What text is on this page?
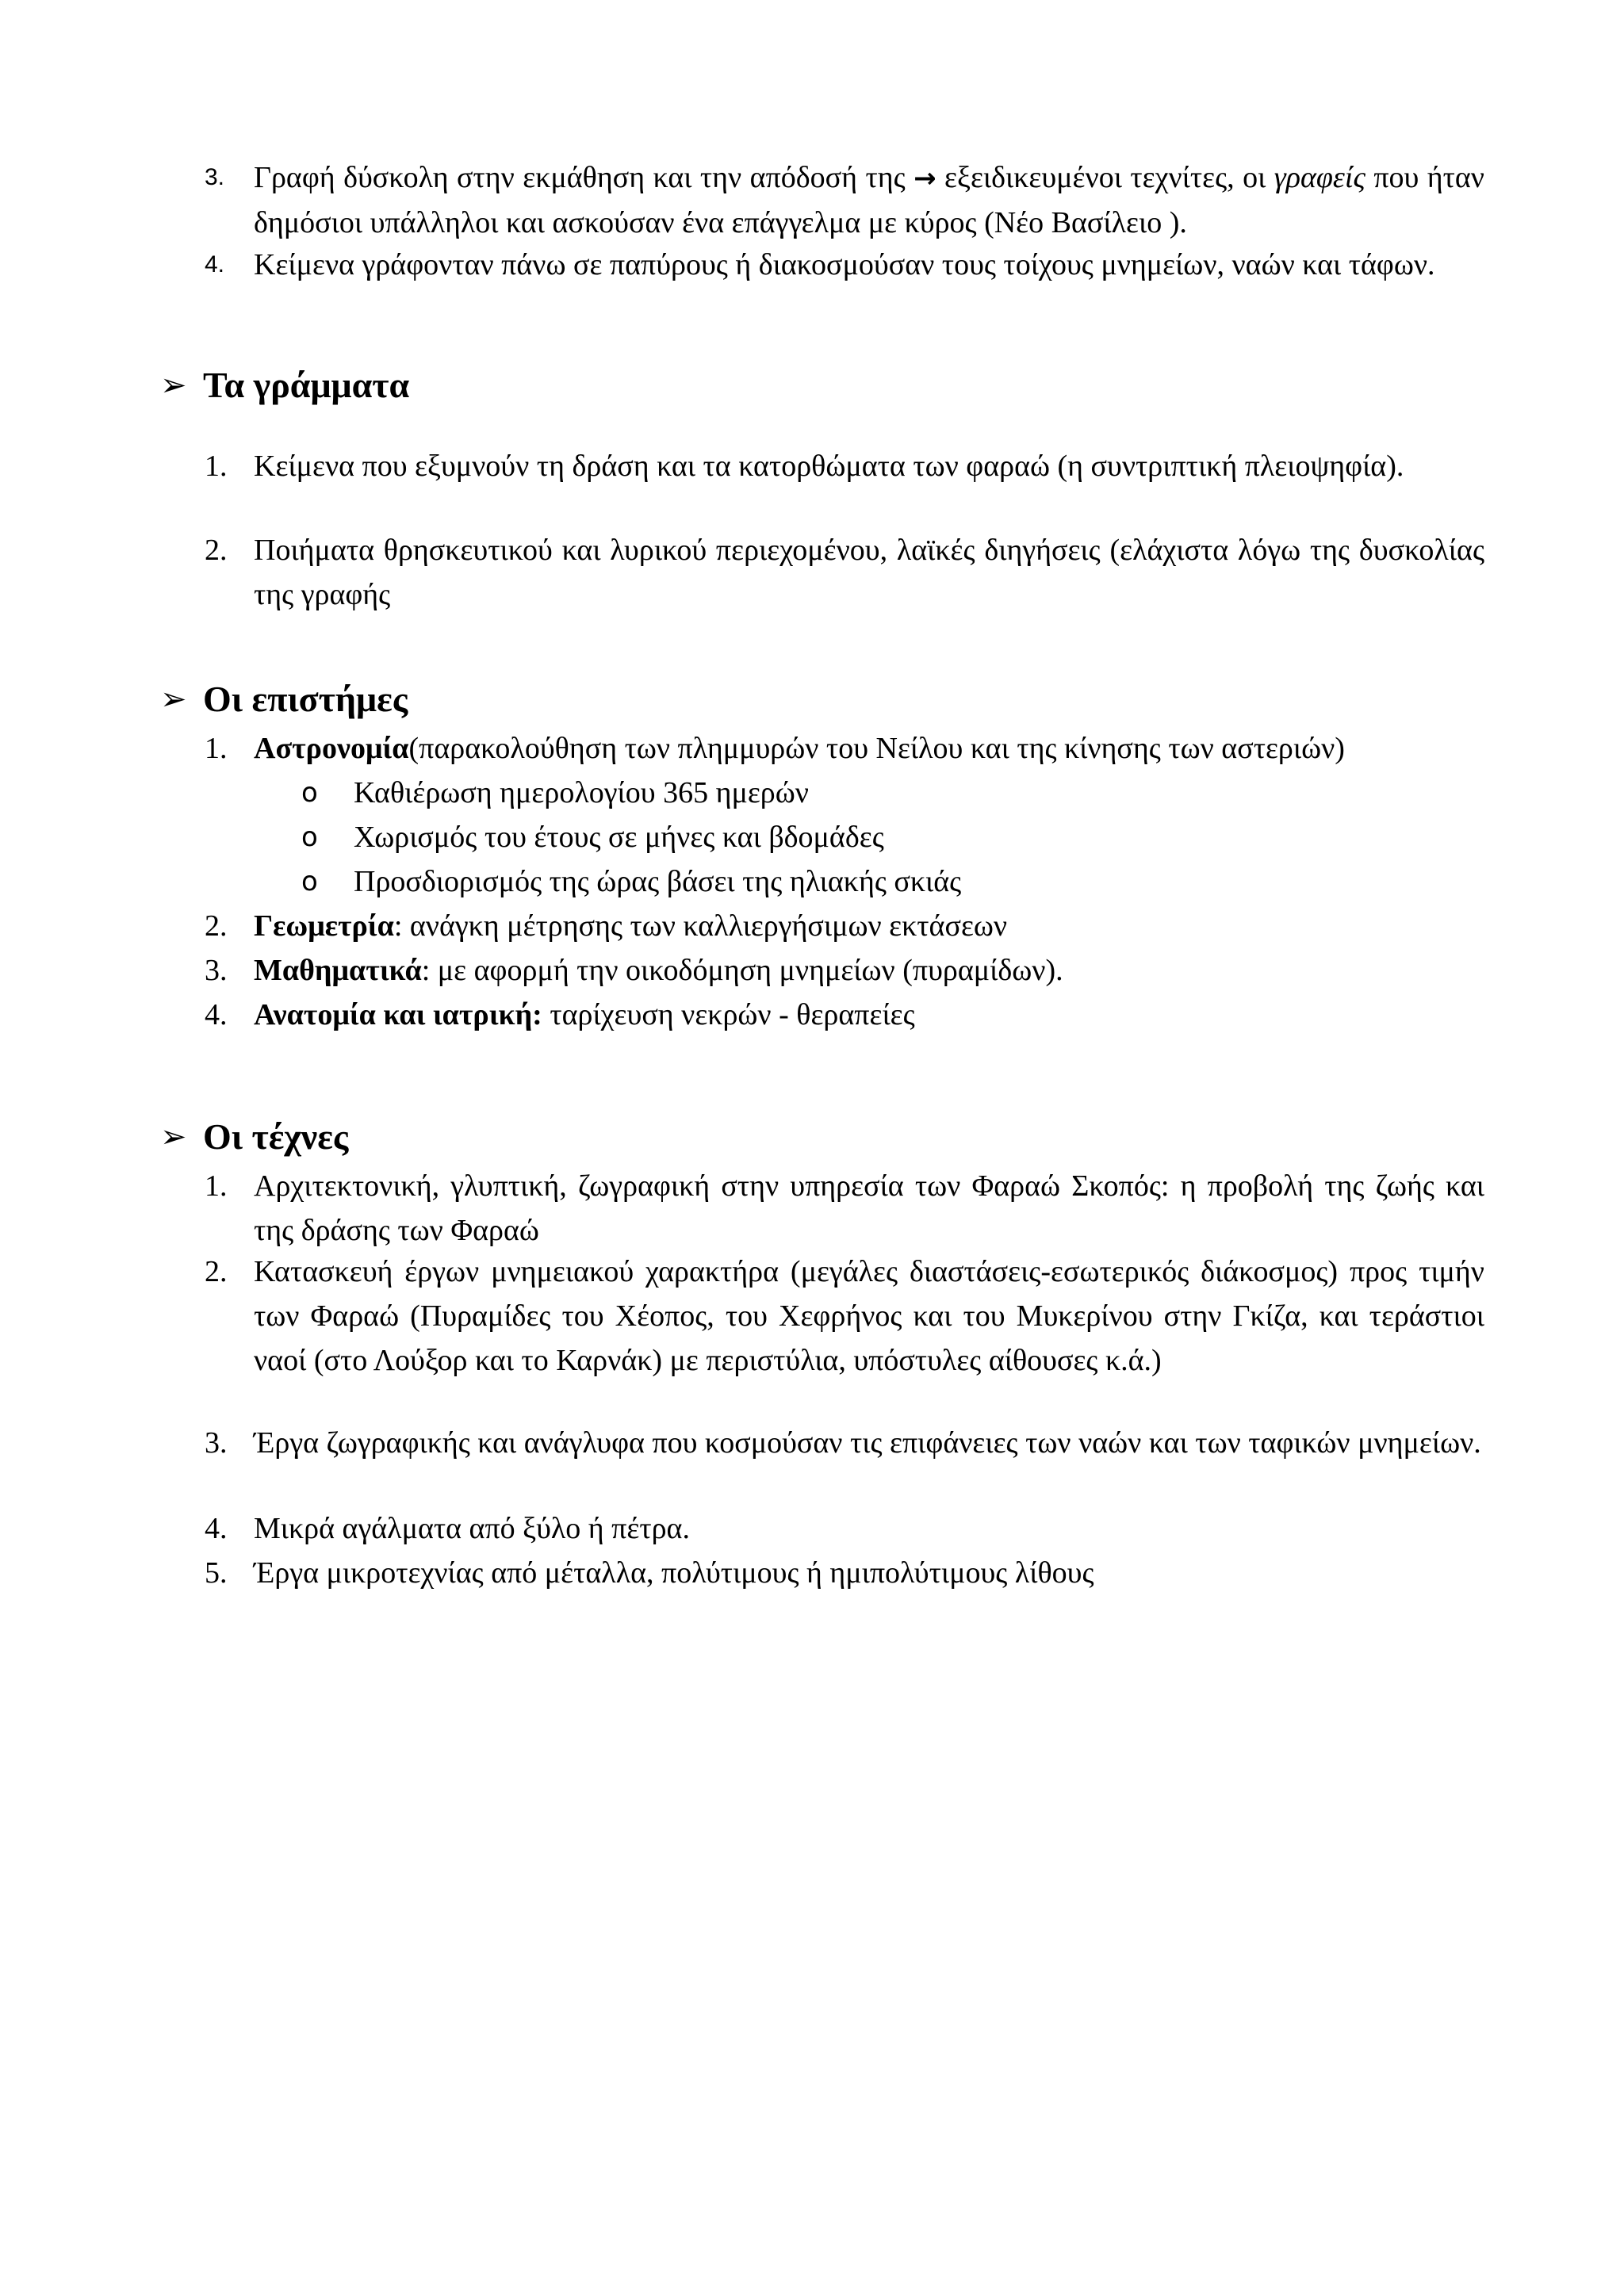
3. Γραφή δύσκολη στην εκμάθηση και την απόδοσή της → εξειδικευμένοι τεχνίτες, οι γραφείς που ήταν δημόσιοι υπάλληλοι και ασκούσαν ένα επάγγελμα με κύρος (Νέο Βασίλειο ).
4. Κείμενα γράφονταν πάνω σε παπύρους ή διακοσμούσαν τους τοίχους μνημείων, ναών και τάφων.
➢ Τα γράμματα
1. Κείμενα που εξυμνούν τη δράση και τα κατορθώματα των φαραώ (η συντριπτική πλειοψηφία).
2. Ποιήματα θρησκευτικού και λυρικού περιεχομένου, λαϊκές διηγήσεις (ελάχιστα λόγω της δυσκολίας της γραφής
➢ Οι επιστήμες
1. Αστρονομία(παρακολούθηση των πλημμυρών του Νείλου και της κίνησης των αστεριών)
o Καθιέρωση ημερολογίου 365 ημερών
o Χωρισμός του έτους σε μήνες και βδομάδες
o Προσδιορισμός της ώρας βάσει της ηλιακής σκιάς
2. Γεωμετρία: ανάγκη μέτρησης των καλλιεργήσιμων εκτάσεων
3. Μαθηματικά: με αφορμή την οικοδόμηση μνημείων (πυραμίδων).
4. Ανατομία και ιατρική: ταρίχευση νεκρών - θεραπείες
➢ Οι τέχνες
1. Αρχιτεκτονική, γλυπτική, ζωγραφική στην υπηρεσία των Φαραώ Σκοπός: η προβολή της ζωής και της δράσης των Φαραώ
2. Κατασκευή έργων μνημειακού χαρακτήρα (μεγάλες διαστάσεις-εσωτερικός διάκοσμος) προς τιμήν των Φαραώ (Πυραμίδες του Χέοπος, του Χεφρήνος και του Μυκερίνου στην Γκίζα, και τεράστιοι ναοί (στο Λούξορ και το Καρνάκ) με περιστύλια, υπόστυλες αίθουσες κ.ά.)
3. Έργα ζωγραφικής και ανάγλυφα που κοσμούσαν τις επιφάνειες των ναών και των ταφικών μνημείων.
4. Μικρά αγάλματα από ξύλο ή πέτρα.
5. Έργα μικροτεχνίας από μέταλλα, πολύτιμους ή ημιπολύτιμους λίθους
